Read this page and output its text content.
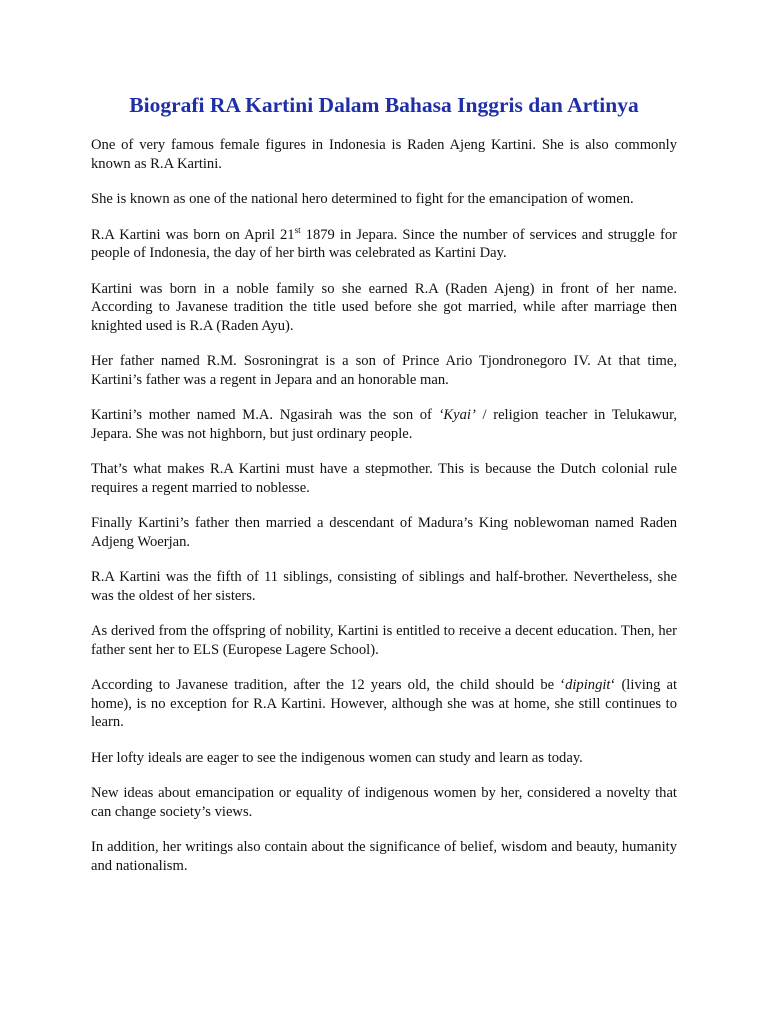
Biografi RA Kartini Dalam Bahasa Inggris dan Artinya

One of very famous female figures in Indonesia is Raden Ajeng Kartini. She is also commonly known as R.A Kartini.

She is known as one of the national hero determined to fight for the emancipation of women.

R.A Kartini was born on April 21st 1879 in Jepara. Since the number of services and struggle for people of Indonesia, the day of her birth was celebrated as Kartini Day.

Kartini was born in a noble family so she earned R.A (Raden Ajeng) in front of her name. According to Javanese tradition the title used before she got married, while after marriage then knighted used is R.A (Raden Ayu).

Her father named R.M. Sosroningrat is a son of Prince Ario Tjondronegoro IV. At that time, Kartini’s father was a regent in Jepara and an honorable man.

Kartini’s mother named M.A. Ngasirah was the son of ‘Kyai’ / religion teacher in Telukawur, Jepara. She was not highborn, but just ordinary people.

That’s what makes R.A Kartini must have a stepmother. This is because the Dutch colonial rule requires a regent married to noblesse.

Finally Kartini’s father then married a descendant of Madura’s King noblewoman named Raden Adjeng Woerjan.

R.A Kartini was the fifth of 11 siblings, consisting of siblings and half-brother. Nevertheless, she was the oldest of her sisters.

As derived from the offspring of nobility, Kartini is entitled to receive a decent education. Then, her father sent her to ELS (Europese Lagere School).

According to Javanese tradition, after the 12 years old, the child should be ‘dipingit‘ (living at home), is no exception for R.A Kartini. However, although she was at home, she still continues to learn.

Her lofty ideals are eager to see the indigenous women can study and learn as today.

New ideas about emancipation or equality of indigenous women by her, considered a novelty that can change society’s views.

In addition, her writings also contain about the significance of belief, wisdom and beauty, humanity and nationalism.
